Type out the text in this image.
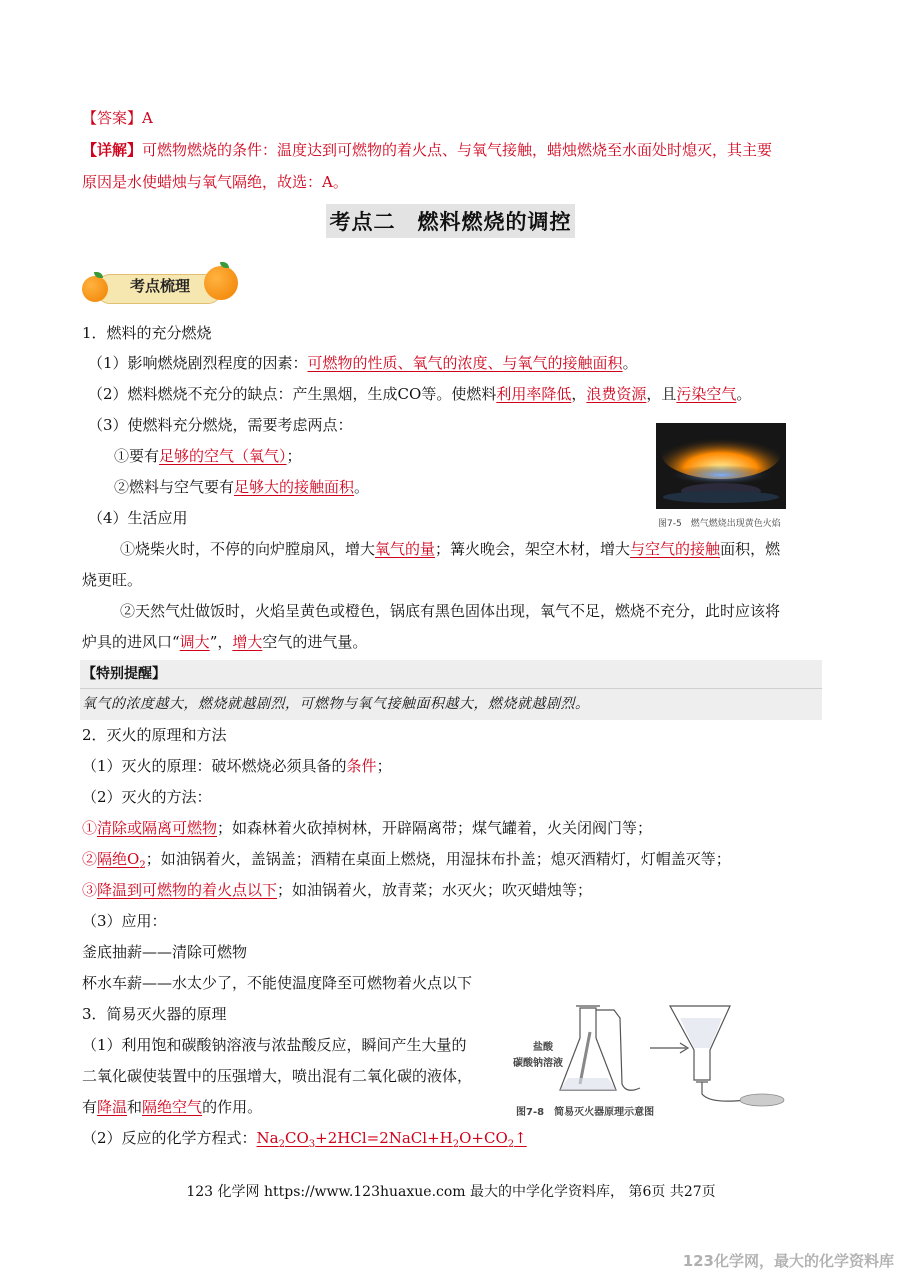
【答案】A
【详解】可燃物燃烧的条件：温度达到可燃物的着火点、与氧气接触，蜡烛燃烧至水面处时熄灭，其主要
原因是水使蜡烛与氧气隔绝，故选：A。
考点二　燃料燃烧的调控
考点梳理
1．燃料的充分燃烧
（1）影响燃烧剧烈程度的因素：可燃物的性质、氧气的浓度、与氧气的接触面积。
（2）燃料燃烧不充分的缺点：产生黑烟，生成CO等。使燃料利用率降低，浪费资源，且污染空气。
（3）使燃料充分燃烧，需要考虑两点：
①要有足够的空气（氧气）；
②燃料与空气要有足够大的接触面积。
（4）生活应用
①烧柴火时，不停的向炉膛扇风，增大氧气的量；篝火晚会，架空木材，增大与空气的接触面积，燃
烧更旺。
②天然气灶做饭时，火焰呈黄色或橙色，锅底有黑色固体出现，氧气不足，燃烧不充分，此时应该将
炉具的进风口“调大”，增大空气的进气量。
图7-5　燃气燃烧出现黄色火焰
【特别提醒】
氧气的浓度越大，燃烧就越剧烈，可燃物与氧气接触面积越大，燃烧就越剧烈。
2．灭火的原理和方法
（1）灭火的原理：破坏燃烧必须具备的条件；
（2）灭火的方法：
①清除或隔离可燃物；如森林着火砍掉树林，开辟隔离带；煤气罐着，火关闭阀门等；
②隔绝$O_2$；如油锅着火，盖锅盖；酒精在桌面上燃烧，用湿抹布扑盖；熄灭酒精灯，灯帽盖灭等；
③降温到可燃物的着火点以下；如油锅着火，放青菜；水灭火；吹灭蜡烛等；
（3）应用：
釜底抽薪——清除可燃物
杯水车薪——水太少了，不能使温度降至可燃物着火点以下
3．简易灭火器的原理
（1）利用饱和碳酸钠溶液与浓盐酸反应，瞬间产生大量的
二氧化碳使装置中的压强增大，喷出混有二氧化碳的液体，
有降温和隔绝空气的作用。
（2）反应的化学方程式：$Na_2CO_3+2HCl=2NaCl+H_2O+CO_2↑$
盐酸
碳酸钠溶液
图7-8　简易灭火器原理示意图
123 化学网 https://www.123huaxue.com 最大的中学化学资料库， 第6页 共27页
123化学网，最大的化学资料库
